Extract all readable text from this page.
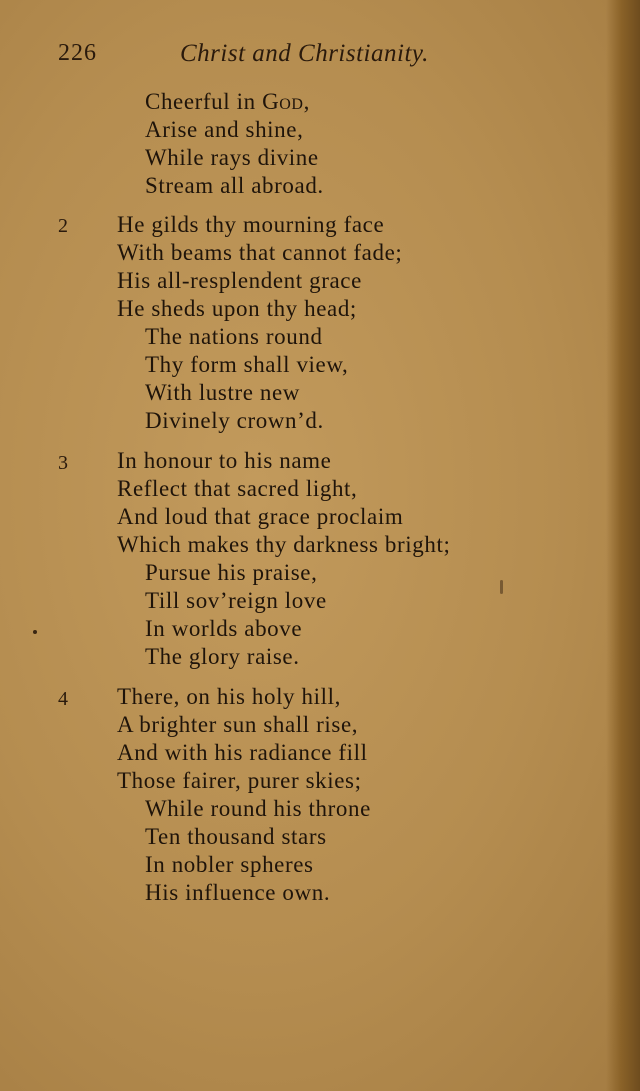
226	Christ and Christianity.

Cheerful in God,

Arise and shine,

While rays divine

Stream all abroad.

2 He gilds thy mourning face

With beams that cannot fade;

His all-resplendent grace

He sheds upon thy head;

The nations round

Thy form shall view,

With lustre new

Divinely crown’d.

3 In honour to his name

Reflect that sacred light,

And loud that grace proclaim

Which makes thy darkness bright;

Pursue his praise,

Till sov’reign love

In worlds above

The glory raise.

4 There, on his holy hill,

A brighter sun shall rise,

And with his radiance fill

Those fairer, purer skies;

While round his throne

Ten thousand stars

In nobler spheres

His influence own.
